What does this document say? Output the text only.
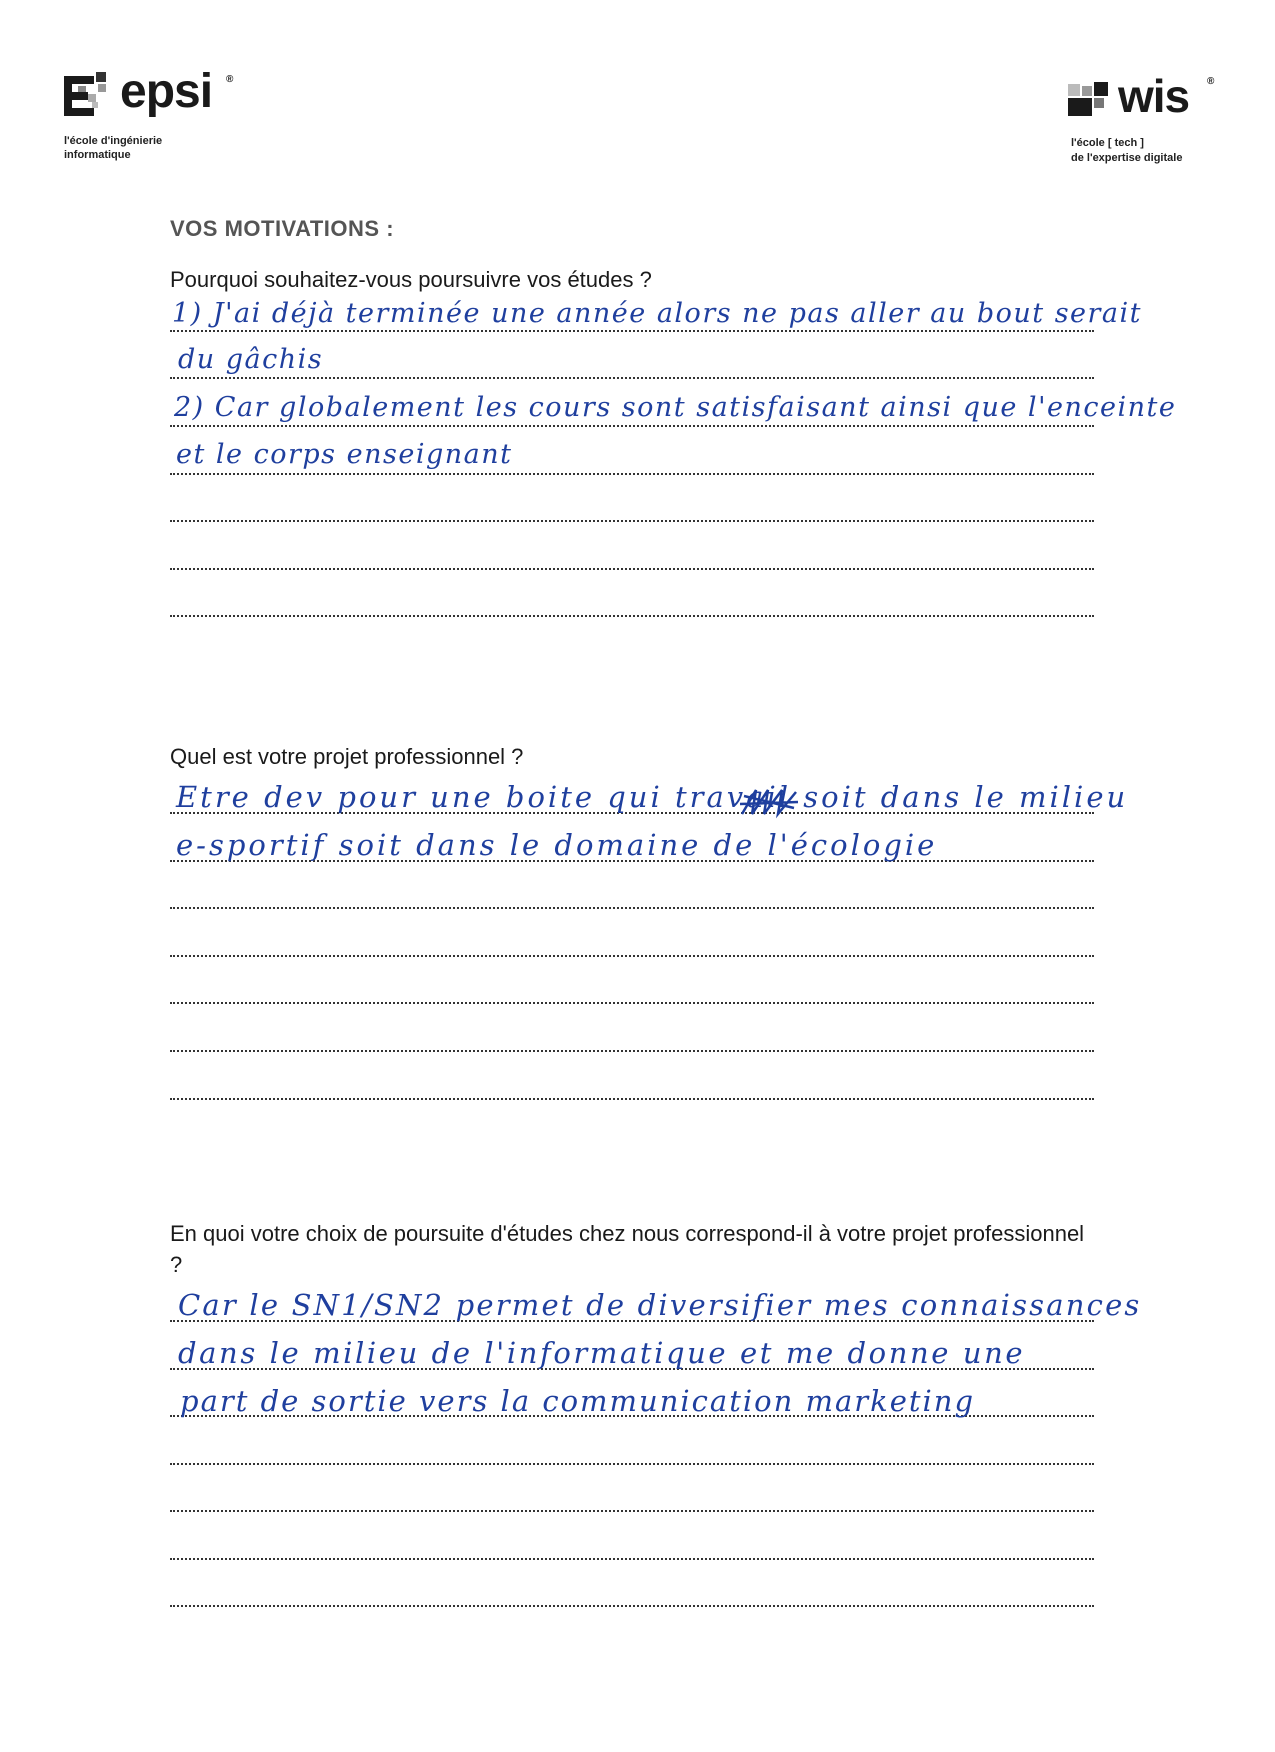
epsi ®
l'école d'ingénierie
informatique
wis ®
l'école [ tech ]
de l'expertise digitale
VOS MOTIVATIONS :
Pourquoi souhaitez-vous poursuivre vos études ?
1) J'ai déjà terminée une année alors ne pas aller au bout serait
du gâchis
2) Car globalement les cours sont satisfaisant ainsi que l'enceinte
et le corps enseignant
Quel est votre projet professionnel ?
Etre dev pour une boite qui travail soit dans le milieu
e-sportif soit dans le domaine de l'écologie
En quoi votre choix de poursuite d'études chez nous correspond-il à votre projet professionnel ?
Car le SN1/SN2 permet de diversifier mes connaissances
dans le milieu de l'informatique et me donne une
part de sortie vers la communication marketing
